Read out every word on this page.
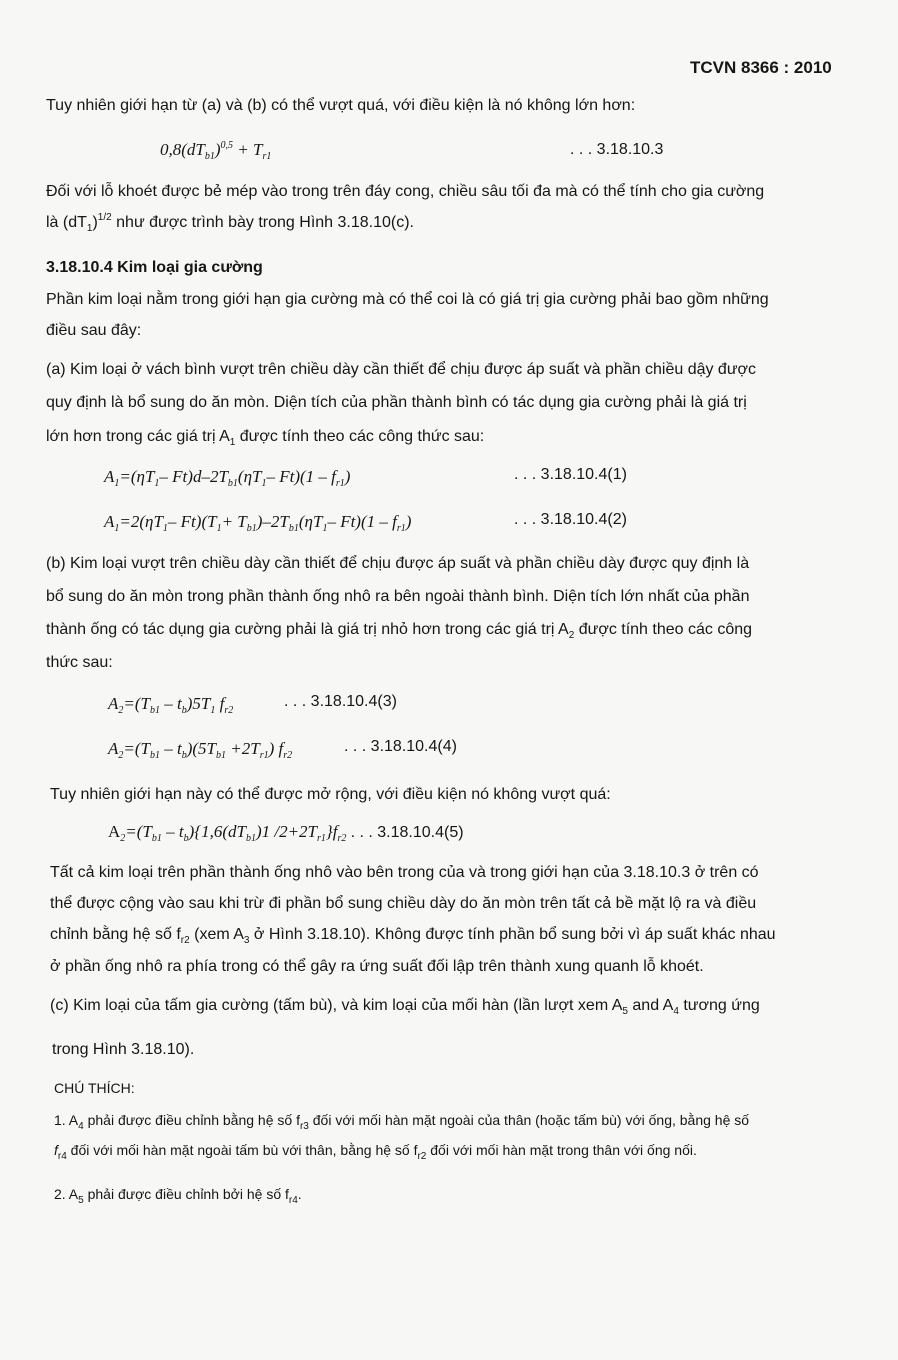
TCVN 8366 : 2010
Tuy nhiên giới hạn từ (a) và (b) có thể vượt quá, với điều kiện là nó không lớn hơn:
$0,8(dT_{b1})^{0,5} + T_{r1}$	. . . 3.18.10.3
Đối với lỗ khoét được bẻ mép vào trong trên đáy cong, chiều sâu tối đa mà có thể tính cho gia cường
là $(dT_1)^{1/2}$ như được trình bày trong Hình 3.18.10(c).
3.18.10.4 Kim loại gia cường
Phần kim loại nằm trong giới hạn gia cường mà có thể coi là có giá trị gia cường phải bao gồm những
điều sau đây:
(a) Kim loại ở vách bình vượt trên chiều dày cần thiết để chịu được áp suất và phần chiều dậy được
quy định là bổ sung do ăn mòn. Diện tích của phần thành bình có tác dụng gia cường phải là giá trị
lớn hơn trong các giá trị $A_1$ được tính theo các công thức sau:
$A_1=(\eta T_1-$ $Ft)d-2T_{b1}(\eta T_1-$ $Ft)(1 - f_{r1})$	. . . 3.18.10.4(1)
$A_1=2(\eta T_1-$ $Ft)(T_1+ T_{b1})-2T_{b1}(\eta T_1-$ $Ft)(1 - f_{r1})$	. . . 3.18.10.4(2)
(b) Kim loại vượt trên chiều dày cần thiết để chịu được áp suất và phần chiều dày được quy định là
bổ sung do ăn mòn trong phần thành ống nhô ra bên ngoài thành bình. Diện tích lớn nhất của phần
thành ống có tác dụng gia cường phải là giá trị nhỏ hơn trong các giá trị $A_2$ được tính theo các công
thức sau:
$A_2=(T_{b1} - t_b)5T_1$ $f_{r2}$
. . . 3.18.10.4(3)
$A_2=(T_{b1} - t_b)(5T_{b1} +2T_{r1})$ $f_{r2}$
. . . 3.18.10.4(4)
Tuy nhiên giới hạn này có thể được mở rộng, với điều kiện nó không vượt quá:
$A_2=(T_{b1} - t_b)\{1,6(dT_{b1})1$ $/2+2T_{r1}\}f_{r2}$ . . . 3.18.10.4(5)
Tất cả kim loại trên phần thành ống nhô vào bên trong của và trong giới hạn của 3.18.10.3 ở trên có
thể được cộng vào sau khi trừ đi phần bổ sung chiều dày do ăn mòn trên tất cả bề mặt lộ ra và điều
chỉnh bằng hệ số $f_{r2}$ (xem $A_3$ ở Hình 3.18.10). Không được tính phần bổ sung bởi vì áp suất khác nhau
ở phần ống nhô ra phía trong có thể gây ra ứng suất đối lập trên thành xung quanh lỗ khoét.
(c) Kim loại của tấm gia cường (tấm bù), và kim loại của mối hàn (lần lượt xem $A_5$ and $A_4$ tương ứng
trong Hình 3.18.10).
CHÚ THÍCH:
1. $A_4$ phải được điều chỉnh bằng hệ số $f_{r3}$ đối với mối hàn mặt ngoài của thân (hoặc tấm bù) với ống, bằng hệ số
$f_{r4}$ đối với mối hàn mặt ngoài tấm bù với thân, bằng hệ số $f_{r2}$ đối với mối hàn mặt trong thân với ống nối.
2. $A_5$ phải được điều chỉnh bởi hệ số $f_{r4}$.
